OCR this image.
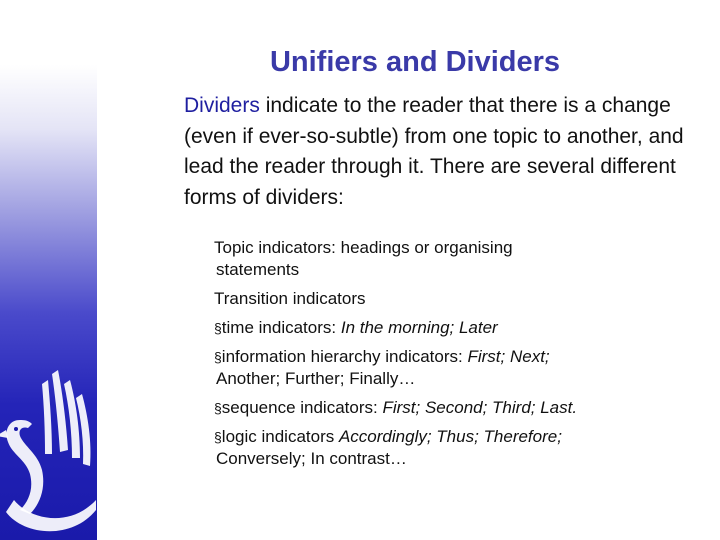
Unifiers and Dividers

Dividers indicate to the reader that there is a change (even if ever-so-subtle) from one topic to another, and lead the reader through it. There are several different forms of dividers:

Topic indicators: headings or organising
statements
Transition indicators
§time indicators: In the morning; Later
§information hierarchy indicators: First; Next;
Another; Further; Finally…
§sequence indicators: First; Second; Third; Last.
§logic indicators Accordingly; Thus; Therefore;
Conversely; In contrast…
